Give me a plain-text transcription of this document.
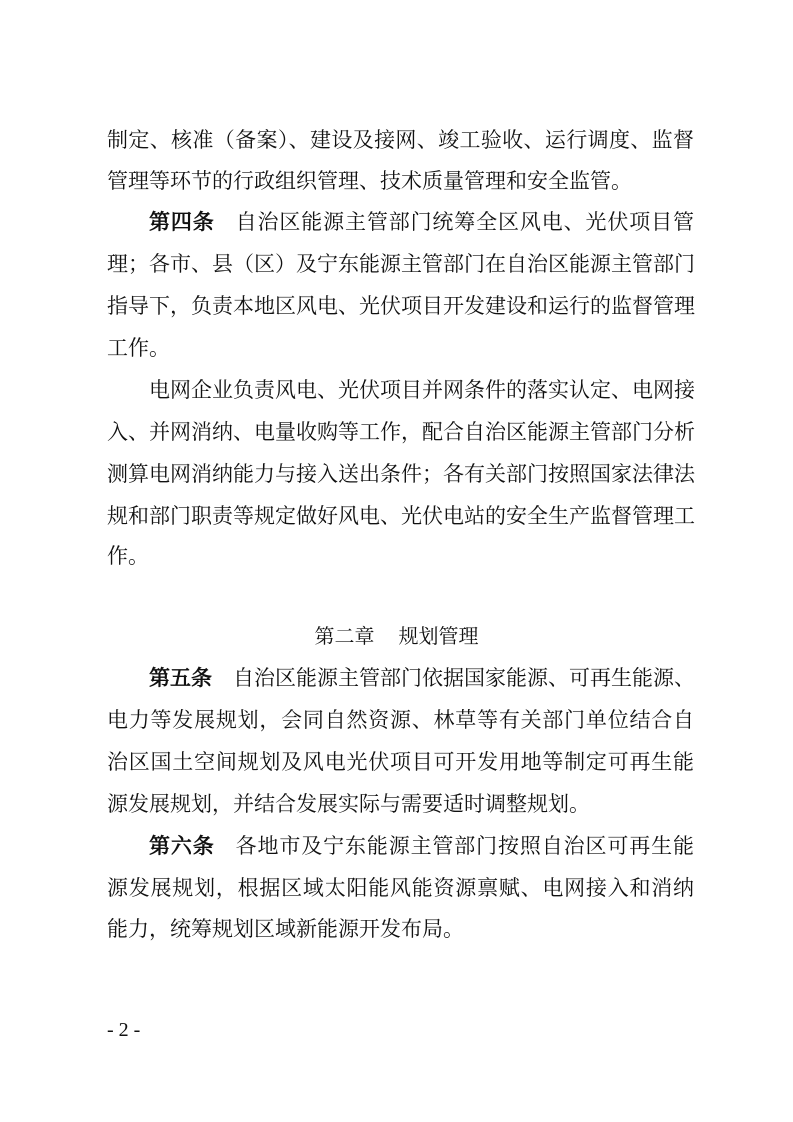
制定、核准（备案）、建设及接网、竣工验收、运行调度、监督
管理等环节的行政组织管理、技术质量管理和安全监管。
第四条 自治区能源主管部门统筹全区风电、光伏项目管
理；各市、县（区）及宁东能源主管部门在自治区能源主管部门
指导下，负责本地区风电、光伏项目开发建设和运行的监督管理
工作。
电网企业负责风电、光伏项目并网条件的落实认定、电网接
入、并网消纳、电量收购等工作，配合自治区能源主管部门分析
测算电网消纳能力与接入送出条件；各有关部门按照国家法律法
规和部门职责等规定做好风电、光伏电站的安全生产监督管理工
作。
第二章 规划管理
第五条 自治区能源主管部门依据国家能源、可再生能源、
电力等发展规划，会同自然资源、林草等有关部门单位结合自
治区国土空间规划及风电光伏项目可开发用地等制定可再生能
源发展规划，并结合发展实际与需要适时调整规划。
第六条 各地市及宁东能源主管部门按照自治区可再生能
源发展规划，根据区域太阳能风能资源禀赋、电网接入和消纳
能力，统筹规划区域新能源开发布局。
- 2 -
